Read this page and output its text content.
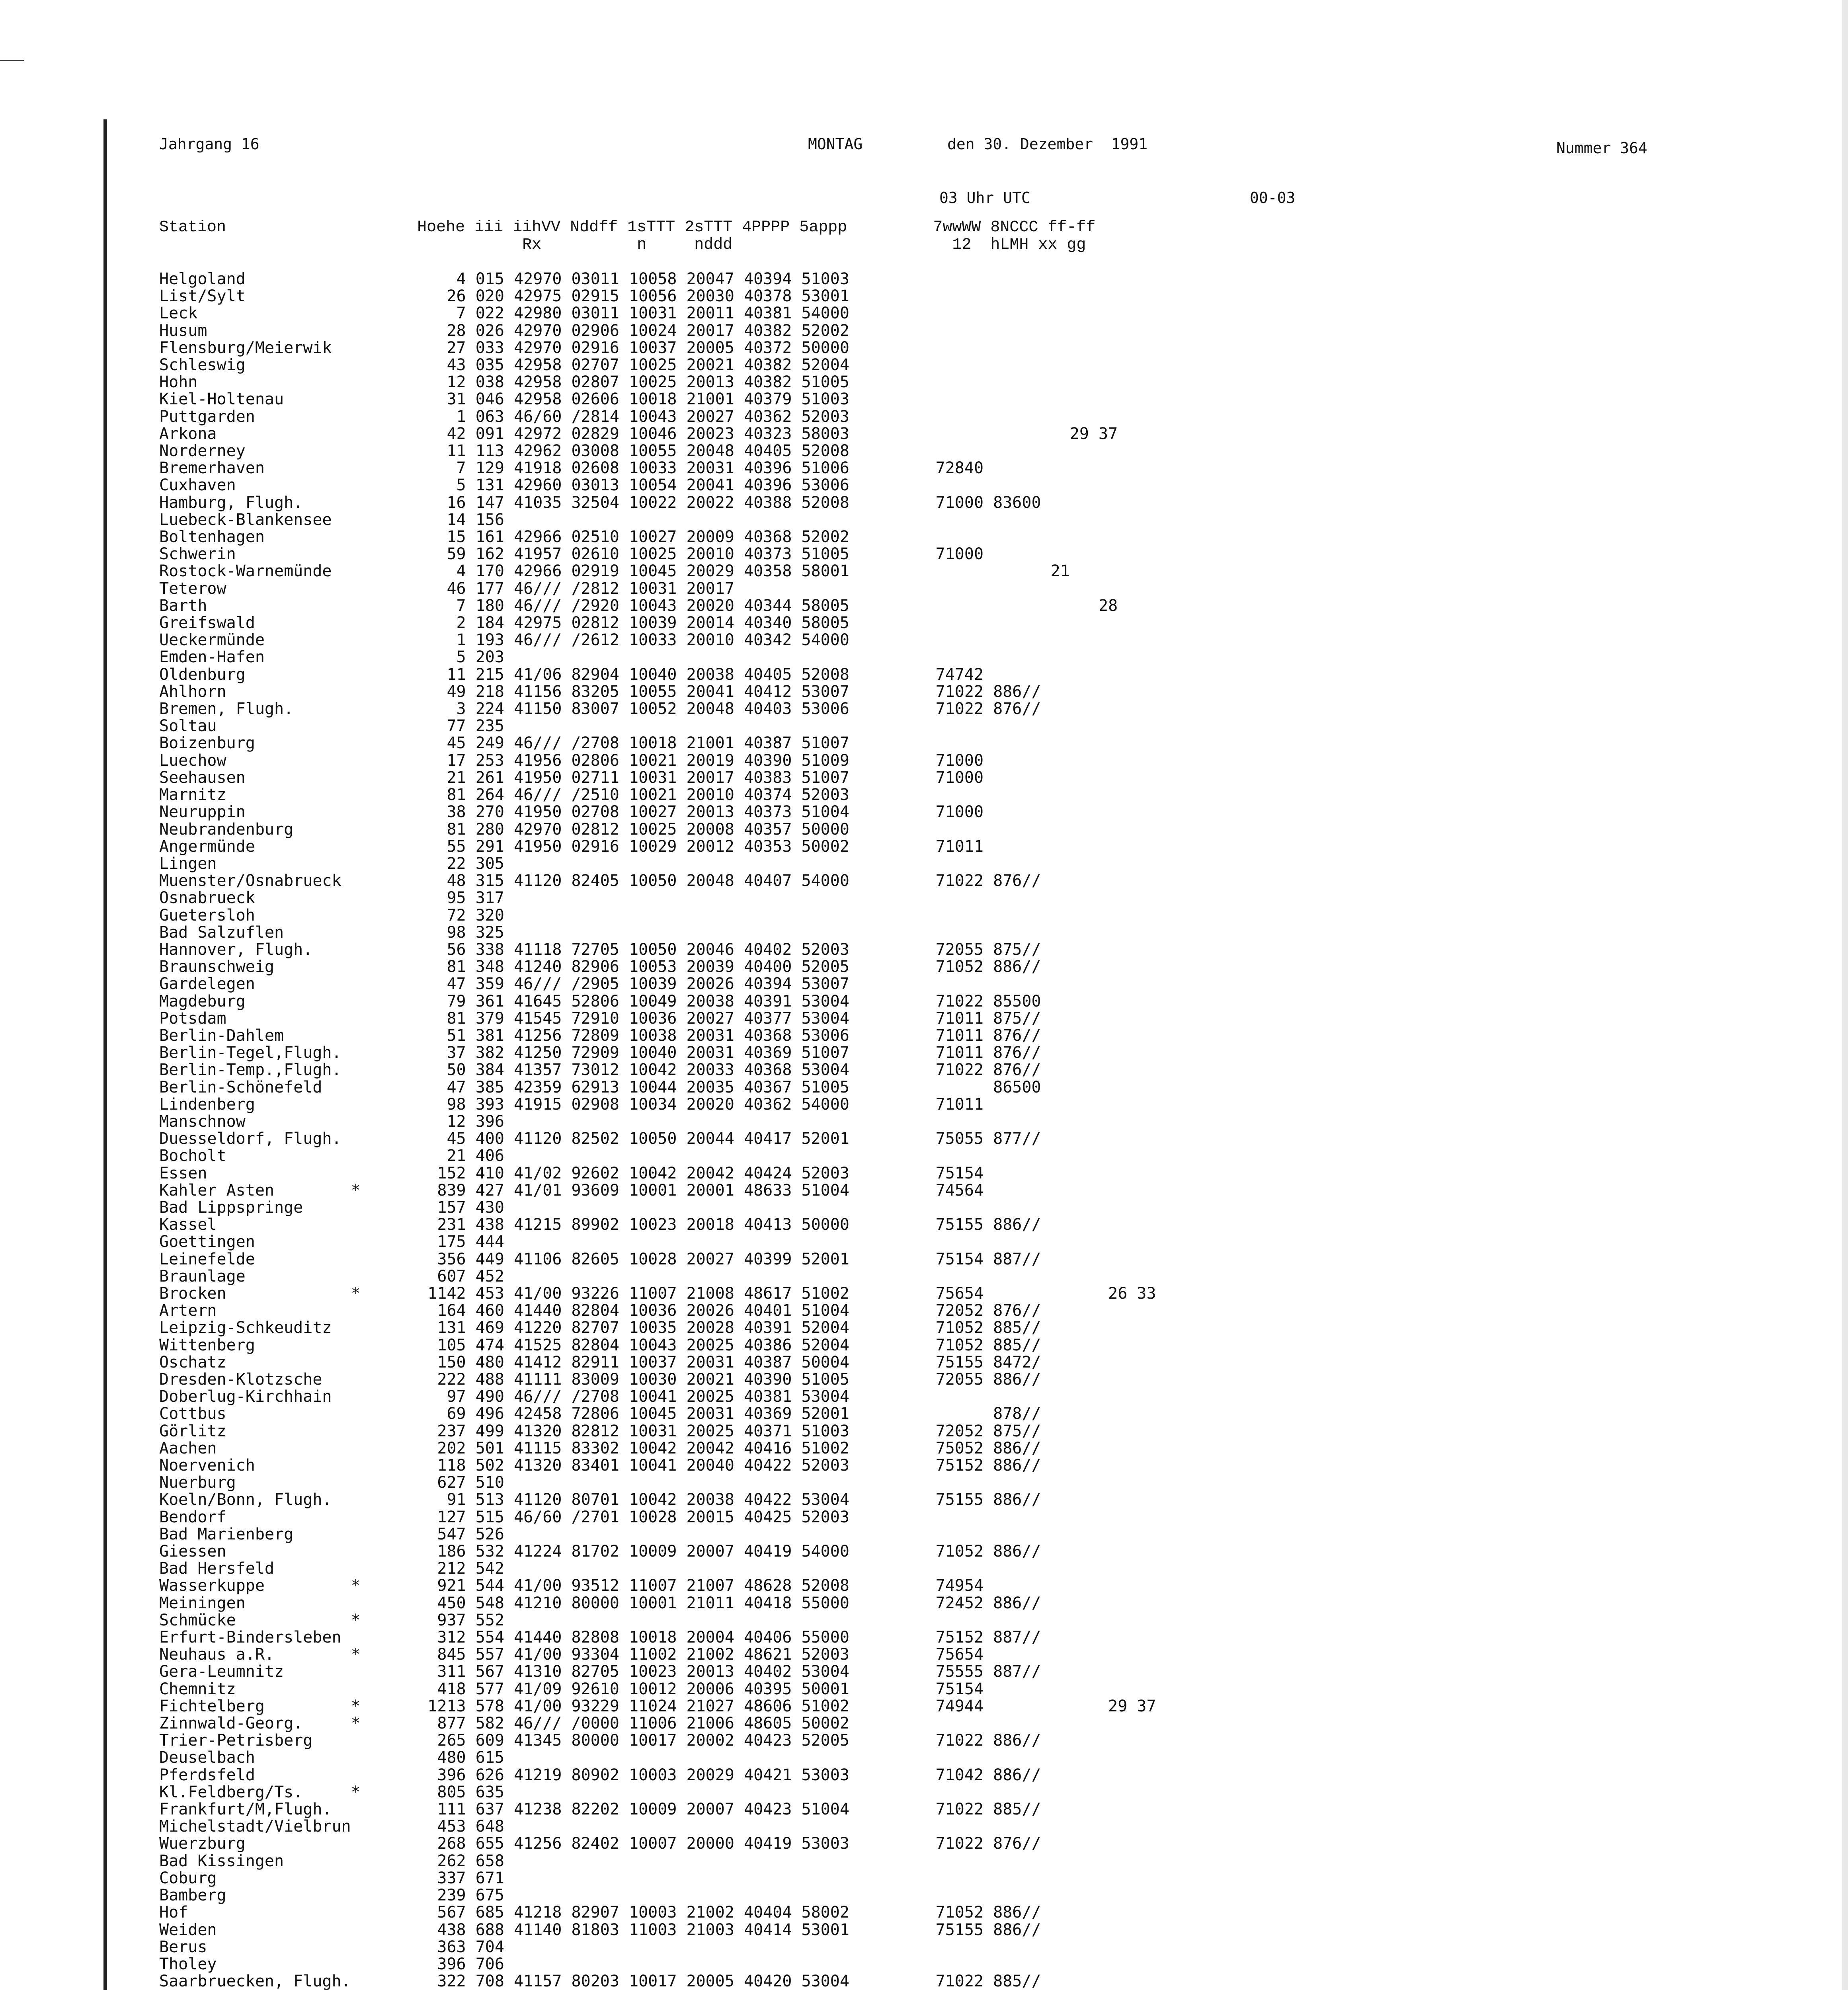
Jahrgang 16	MONTAG	den 30. Dezember  1991	Nummer 364
03 Uhr UTC	00-03
Station                    Hoehe iii iihVV Nddff 1sTTT 2sTTT 4PPPP 5appp         7wwWW 8NCCC ff-ff
Rx          n     nddd                       12  hLMH xx gg
Helgoland                      4 015 42970 03011 10058 20047 40394 51003
List/Sylt                     26 020 42975 02915 10056 20030 40378 53001
Leck                           7 022 42980 03011 10031 20011 40381 54000
Husum                         28 026 42970 02906 10024 20017 40382 52002
Flensburg/Meierwik            27 033 42970 02916 10037 20005 40372 50000
Schleswig                     43 035 42958 02707 10025 20021 40382 52004
Hohn                          12 038 42958 02807 10025 20013 40382 51005
Kiel-Holtenau                 31 046 42958 02606 10018 21001 40379 51003
Puttgarden                     1 063 46/60 /2814 10043 20027 40362 52003
Arkona                        42 091 42972 02829 10046 20023 40323 58003                       29 37
Norderney                     11 113 42962 03008 10055 20048 40405 52008
Bremerhaven                    7 129 41918 02608 10033 20031 40396 51006         72840
Cuxhaven                       5 131 42960 03013 10054 20041 40396 53006
Hamburg, Flugh.               16 147 41035 32504 10022 20022 40388 52008         71000 83600
Luebeck-Blankensee            14 156
Boltenhagen                   15 161 42966 02510 10027 20009 40368 52002
Schwerin                      59 162 41957 02610 10025 20010 40373 51005         71000
Rostock-Warnemünde             4 170 42966 02919 10045 20029 40358 58001                     21
Teterow                       46 177 46/// /2812 10031 20017
Barth                          7 180 46/// /2920 10043 20020 40344 58005                          28
Greifswald                     2 184 42975 02812 10039 20014 40340 58005
Ueckermünde                    1 193 46/// /2612 10033 20010 40342 54000
Emden-Hafen                    5 203
Oldenburg                     11 215 41/06 82904 10040 20038 40405 52008         74742
Ahlhorn                       49 218 41156 83205 10055 20041 40412 53007         71022 886//
Bremen, Flugh.                 3 224 41150 83007 10052 20048 40403 53006         71022 876//
Soltau                        77 235
Boizenburg                    45 249 46/// /2708 10018 21001 40387 51007
Luechow                       17 253 41956 02806 10021 20019 40390 51009         71000
Seehausen                     21 261 41950 02711 10031 20017 40383 51007         71000
Marnitz                       81 264 46/// /2510 10021 20010 40374 52003
Neuruppin                     38 270 41950 02708 10027 20013 40373 51004         71000
Neubrandenburg                81 280 42970 02812 10025 20008 40357 50000
Angermünde                    55 291 41950 02916 10029 20012 40353 50002         71011
Lingen                        22 305
Muenster/Osnabrueck           48 315 41120 82405 10050 20048 40407 54000         71022 876//
Osnabrueck                    95 317
Guetersloh                    72 320
Bad Salzuflen                 98 325
Hannover, Flugh.              56 338 41118 72705 10050 20046 40402 52003         72055 875//
Braunschweig                  81 348 41240 82906 10053 20039 40400 52005         71052 886//
Gardelegen                    47 359 46/// /2905 10039 20026 40394 53007
Magdeburg                     79 361 41645 52806 10049 20038 40391 53004         71022 85500
Potsdam                       81 379 41545 72910 10036 20027 40377 53004         71011 875//
Berlin-Dahlem                 51 381 41256 72809 10038 20031 40368 53006         71011 876//
Berlin-Tegel,Flugh.           37 382 41250 72909 10040 20031 40369 51007         71011 876//
Berlin-Temp.,Flugh.           50 384 41357 73012 10042 20033 40368 53004         71022 876//
Berlin-Schönefeld             47 385 42359 62913 10044 20035 40367 51005               86500
Lindenberg                    98 393 41915 02908 10034 20020 40362 54000         71011
Manschnow                     12 396
Duesseldorf, Flugh.           45 400 41120 82502 10050 20044 40417 52001         75055 877//
Bocholt                       21 406
Essen                        152 410 41/02 92602 10042 20042 40424 52003         75154
Kahler Asten        *        839 427 41/01 93609 10001 20001 48633 51004         74564
Bad Lippspringe              157 430
Kassel                       231 438 41215 89902 10023 20018 40413 50000         75155 886//
Goettingen                   175 444
Leinefelde                   356 449 41106 82605 10028 20027 40399 52001         75154 887//
Braunlage                    607 452
Brocken             *       1142 453 41/00 93226 11007 21008 48617 51002         75654             26 33
Artern                       164 460 41440 82804 10036 20026 40401 51004         72052 876//
Leipzig-Schkeuditz           131 469 41220 82707 10035 20028 40391 52004         71052 885//
Wittenberg                   105 474 41525 82804 10043 20025 40386 52004         71052 885//
Oschatz                      150 480 41412 82911 10037 20031 40387 50004         75155 8472/
Dresden-Klotzsche            222 488 41111 83009 10030 20021 40390 51005         72055 886//
Doberlug-Kirchhain            97 490 46/// /2708 10041 20025 40381 53004
Cottbus                       69 496 42458 72806 10045 20031 40369 52001               878//
Görlitz                      237 499 41320 82812 10031 20025 40371 51003         72052 875//
Aachen                       202 501 41115 83302 10042 20042 40416 51002         75052 886//
Noervenich                   118 502 41320 83401 10041 20040 40422 52003         75152 886//
Nuerburg                     627 510
Koeln/Bonn, Flugh.            91 513 41120 80701 10042 20038 40422 53004         75155 886//
Bendorf                      127 515 46/60 /2701 10028 20015 40425 52003
Bad Marienberg               547 526
Giessen                      186 532 41224 81702 10009 20007 40419 54000         71052 886//
Bad Hersfeld                 212 542
Wasserkuppe         *        921 544 41/00 93512 11007 21007 48628 52008         74954
Meiningen                    450 548 41210 80000 10001 21011 40418 55000         72452 886//
Schmücke            *        937 552
Erfurt-Bindersleben          312 554 41440 82808 10018 20004 40406 55000         75152 887//
Neuhaus a.R.        *        845 557 41/00 93304 11002 21002 48621 52003         75654
Gera-Leumnitz                311 567 41310 82705 10023 20013 40402 53004         75555 887//
Chemnitz                     418 577 41/09 92610 10012 20006 40395 50001         75154
Fichtelberg         *       1213 578 41/00 93229 11024 21027 48606 51002         74944             29 37
Zinnwald-Georg.     *        877 582 46/// /0000 11006 21006 48605 50002
Trier-Petrisberg             265 609 41345 80000 10017 20002 40423 52005         71022 886//
Deuselbach                   480 615
Pferdsfeld                   396 626 41219 80902 10003 20029 40421 53003         71042 886//
Kl.Feldberg/Ts.     *        805 635
Frankfurt/M,Flugh.           111 637 41238 82202 10009 20007 40423 51004         71022 885//
Michelstadt/Vielbrun         453 648
Wuerzburg                    268 655 41256 82402 10007 20000 40419 53003         71022 876//
Bad Kissingen                262 658
Coburg                       337 671
Bamberg                      239 675
Hof                          567 685 41218 82907 10003 21002 40404 58002         71052 886//
Weiden                       438 688 41140 81803 11003 21003 40414 53001         75155 886//
Berus                        363 704
Tholey                       396 706
Saarbruecken, Flugh.         322 708 41157 80203 10017 20005 40420 53004         71022 885//
